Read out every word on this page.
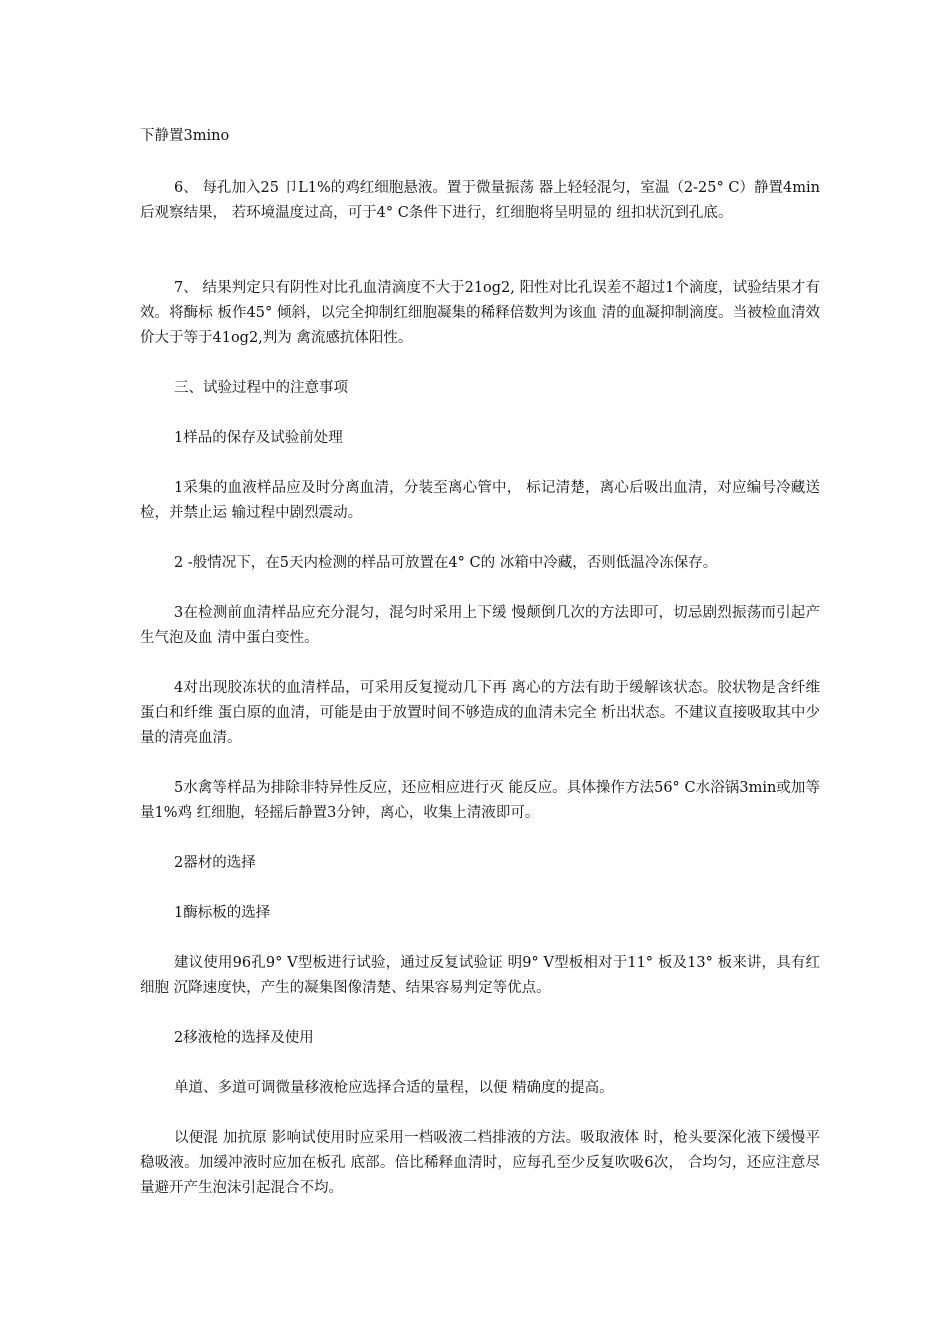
下静置3mino

6、 每孔加入25 卩L1%的鸡红细胞悬液。置于微量振荡 器上轻轻混匀，室温（2-25° C）静置4min后观察结果， 若环境温度过高，可于4° C条件下进行，红细胞将呈明显的 纽扣状沉到孔底。

7、 结果判定只有阴性对比孔血清滴度不大于21og2, 阳性对比孔误差不超过1个滴度，试验结果才有效。将酶标 板作45° 倾斜，以完全抑制红细胞凝集的稀释倍数判为该血 清的血凝抑制滴度。当被检血清效价大于等于41og2,判为 禽流感抗体阳性。

三、试验过程中的注意事项

1样品的保存及试验前处理

1采集的血液样品应及时分离血清，分装至离心管中， 标记清楚，离心后吸出血清，对应编号冷藏送检，并禁止运 输过程中剧烈震动。

2 -般情况下，在5天内检测的样品可放置在4° C的 冰箱中冷藏，否则低温冷冻保存。

3在检测前血清样品应充分混匀，混匀时采用上下缓 慢颠倒几次的方法即可，切忌剧烈振荡而引起产生气泡及血 清中蛋白变性。

4对出现胶冻状的血清样品，可采用反复搅动几下再 离心的方法有助于缓解该状态。胶状物是含纤维蛋白和纤维 蛋白原的血清，可能是由于放置时间不够造成的血清未完全 析出状态。不建议直接吸取其中少量的清亮血清。

5水禽等样品为排除非特异性反应，还应相应进行灭 能反应。具体操作方法56° C水浴锅3min或加等量1%鸡 红细胞，轻摇后静置3分钟，离心，收集上清液即可。

2器材的选择

1酶标板的选择

建议使用96孔9° V型板进行试验，通过反复试验证 明9° V型板相对于11° 板及13° 板来讲，具有红细胞 沉降速度快，产生的凝集图像清楚、结果容易判定等优点。

2移液枪的选择及使用

单道、多道可调微量移液枪应选择合适的量程，以便 精确度的提高。

以便混 加抗原 影响试使用时应采用一档吸液二档排液的方法。吸取液体 时，枪头要深化液下缓慢平稳吸液。加缓冲液时应加在板孔 底部。倍比稀释血清时，应每孔至少反复吹吸6次， 合均匀，还应注意尽量避开产生泡沫引起混合不均。
